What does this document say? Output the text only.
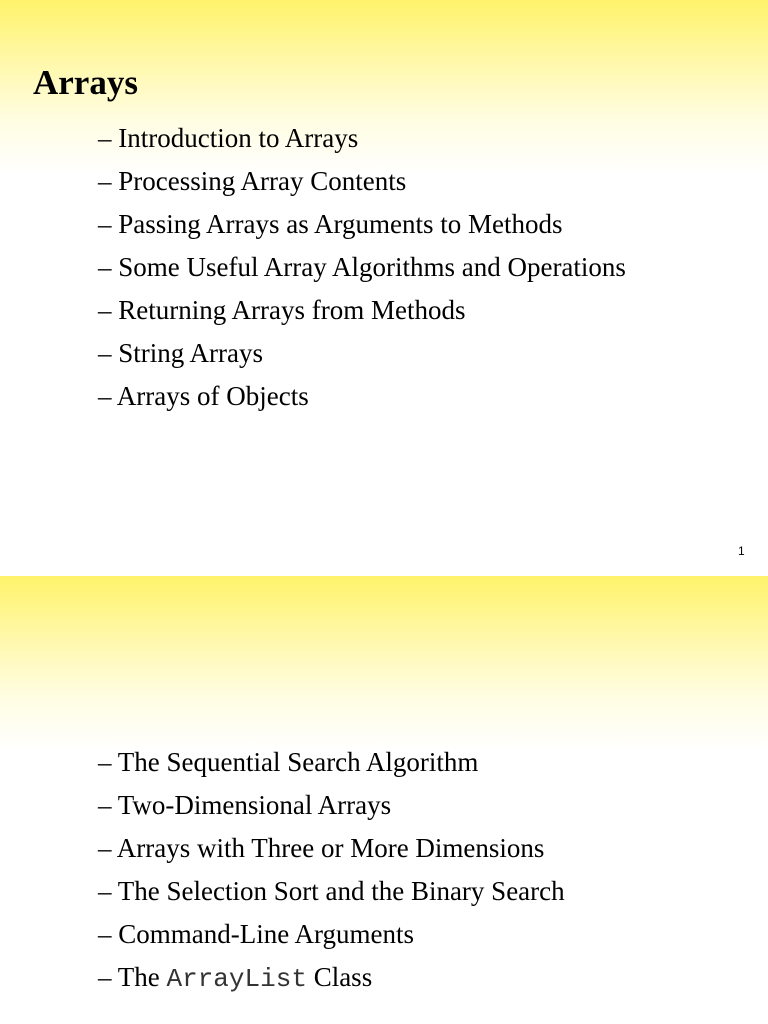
Arrays
– Introduction to Arrays
– Processing Array Contents
– Passing Arrays as Arguments to Methods
– Some Useful Array Algorithms and Operations
– Returning Arrays from Methods
– String Arrays
– Arrays of Objects
1
– The Sequential Search Algorithm
– Two-Dimensional Arrays
– Arrays with Three or More Dimensions
– The Selection Sort and the Binary Search
– Command-Line Arguments
– The ArrayList Class
